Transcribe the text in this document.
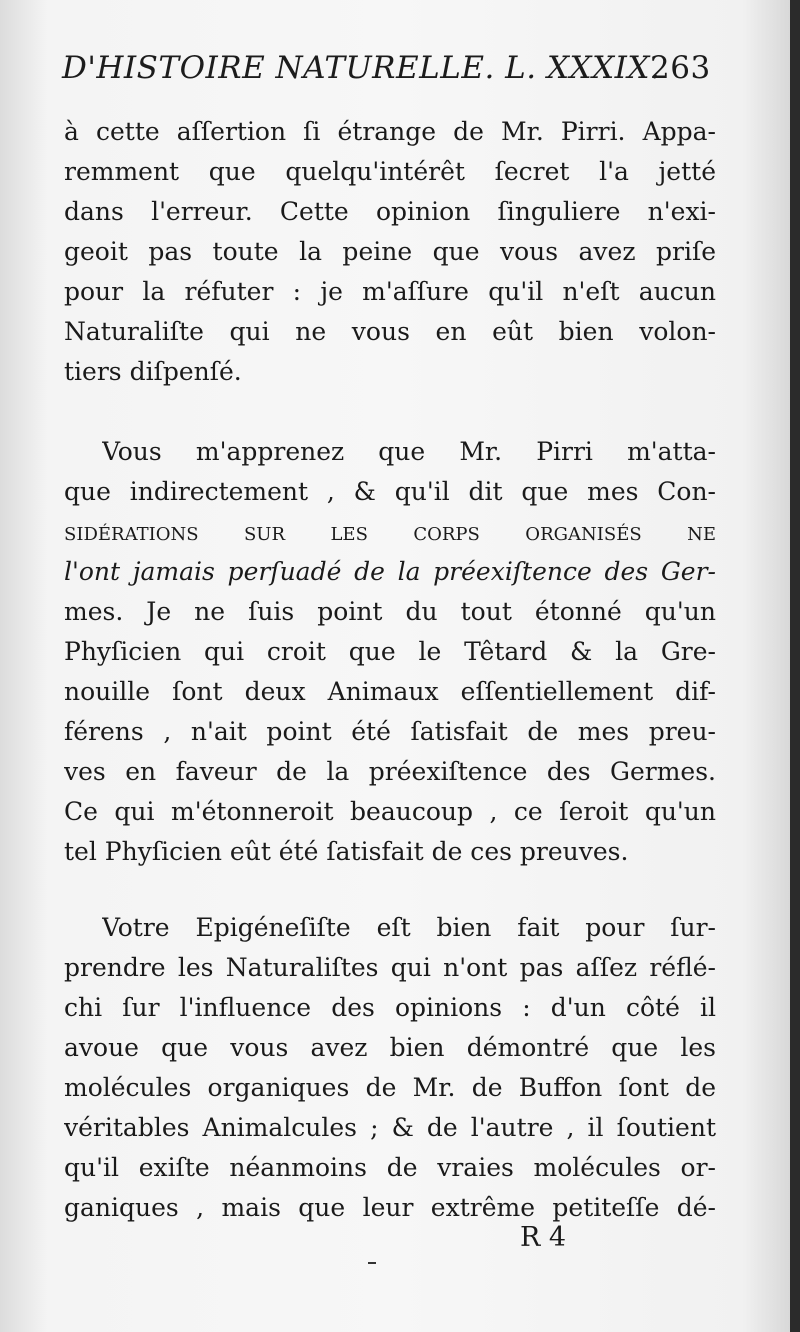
D'HISTOIRE NATURELLE. L. XXXIX.
263
à cette aſſertion ſi étrange de Mr. Pirri. Appa-
remment que quelqu'intérêt ſecret l'a jetté
dans l'erreur. Cette opinion ſinguliere n'exi-
geoit pas toute la peine que vous avez priſe
pour la réfuter : je m'aſſure qu'il n'eſt aucun
Naturaliſte qui ne vous en eût bien volon-
tiers diſpenſé.
Vous m'apprenez que Mr. Pirri m'atta-
que indirectement , & qu'il dit que mes Con-
sidérations sur les corps organisés ne
l'ont jamais perſuadé de la préexiſtence des Ger-
mes. Je ne ſuis point du tout étonné qu'un
Phyſicien qui croit que le Têtard & la Gre-
nouille ſont deux Animaux eſſentiellement dif-
férens , n'ait point été ſatisfait de mes preu-
ves en faveur de la préexiſtence des Germes.
Ce qui m'étonneroit beaucoup , ce ſeroit qu'un
tel Phyſicien eût été ſatisfait de ces preuves.
Votre Epigéneſiſte eſt bien fait pour ſur-
prendre les Naturaliſtes qui n'ont pas aſſez réflé-
chi ſur l'influence des opinions : d'un côté il
avoue que vous avez bien démontré que les
molécules organiques de Mr. de Buffon ſont de
véritables Animalcules ; & de l'autre , il ſoutient
qu'il exiſte néanmoins de vraies molécules or-
ganiques , mais que leur extrême petiteſſe dé-
R 4
